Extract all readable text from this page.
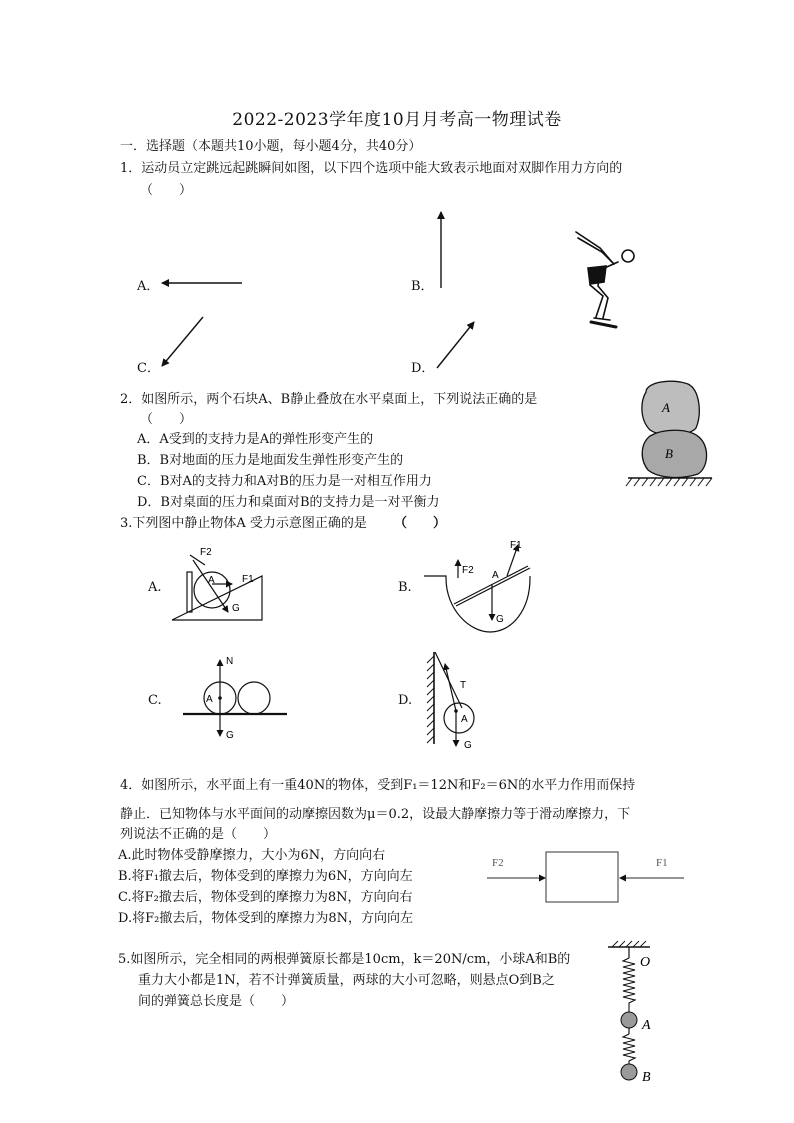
2022-2023学年度10月月考高一物理试卷
一．选择题（本题共10小题，每小题4分，共40分）
1．运动员立定跳远起跳瞬间如图，以下四个选项中能大致表示地面对双脚作用力方向的
（　　）
A．	B．
C．	D．
2．如图所示，两个石块A、B静止叠放在水平桌面上，下列说法正确的是
（　　）
A．A受到的支持力是A的弹性形变产生的
B．B对地面的压力是地面发生弹性形变产生的
C．B对A的支持力和A对B的压力是一对相互作用力
D．B对桌面的压力和桌面对B的支持力是一对平衡力
A
B
3.下列图中静止物体A 受力示意图正确的是 （　　）
A.	B.
C.	D.
F2
A	F1
G
F2 A
F1
G
N
A
G
T
A
G
4．如图所示，水平面上有一重40N的物体，受到F₁＝12N和F₂＝6N的水平力作用而保持
静止．已知物体与水平面间的动摩擦因数为μ＝0.2，设最大静摩擦力等于滑动摩擦力，下
列说法不正确的是（　　）
A.此时物体受静摩擦力，大小为6N，方向向右
B.将F₁撤去后，物体受到的摩擦力为6N，方向向左
C.将F₂撤去后，物体受到的摩擦力为8N，方向向右
D.将F₂撤去后，物体受到的摩擦力为8N，方向向左
F2	F1
5.如图所示，完全相同的两根弹簧原长都是10cm，k＝20N/cm，小球A和B的
重力大小都是1N，若不计弹簧质量，两球的大小可忽略，则悬点O到B之
间的弹簧总长度是（　　）
O
A
B
